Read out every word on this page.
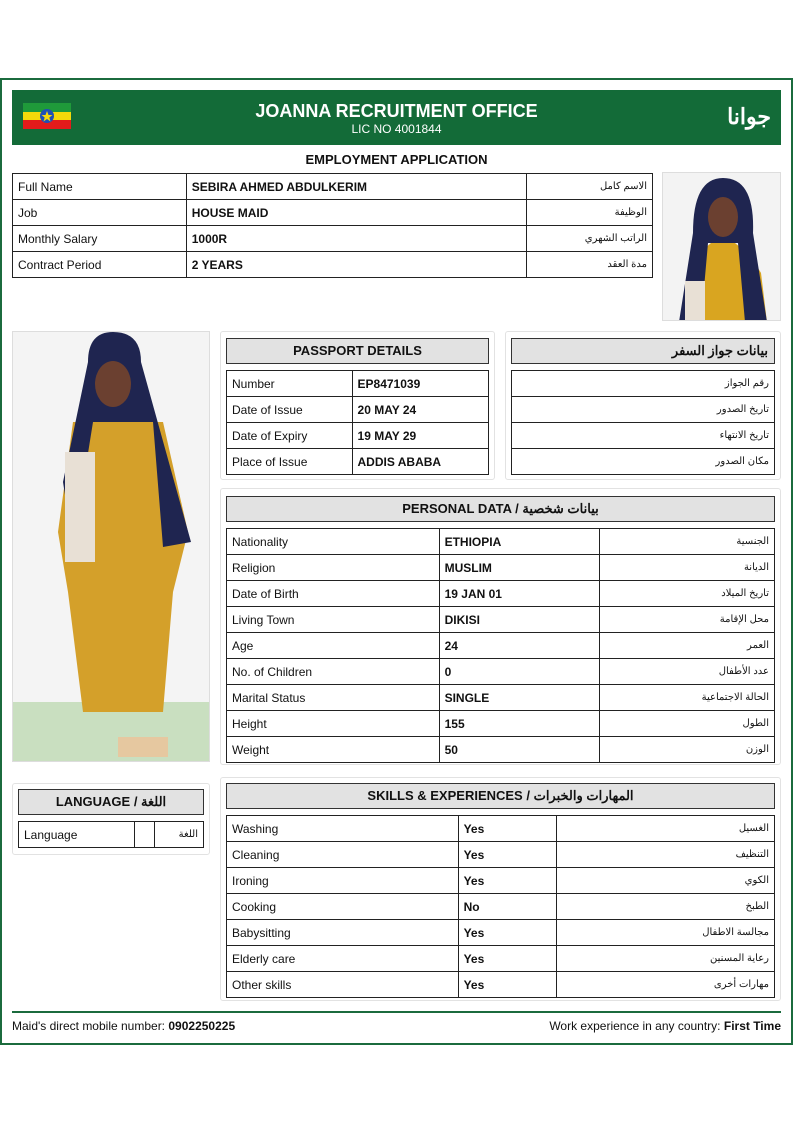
JOANNA RECRUITMENT OFFICE
LIC NO 4001844	جوانا
EMPLOYMENT APPLICATION
Full Name	SEBIRA AHMED ABDULKERIM	الاسم كامل
Job	HOUSE MAID	الوظيفة
Monthly Salary	1000R	الراتب الشهري
Contract Period	2 YEARS	مدة العقد
PASSPORT DETAILS
Number	EP8471039
Date of Issue	20 MAY 24
Date of Expiry	19 MAY 29
Place of Issue	ADDIS ABABA
بيانات جواز السفر
رقم الجواز
تاريخ الصدور
تاريخ الانتهاء
مكان الصدور
PERSONAL DATA / بيانات شخصية
Nationality	ETHIOPIA	الجنسية
Religion	MUSLIM	الديانة
Date of Birth	19 JAN 01	تاريخ الميلاد
Living Town	DIKISI	محل الإقامة
Age	24	العمر
No. of Children	0	عدد الأطفال
Marital Status	SINGLE	الحالة الاجتماعية
Height	155	الطول
Weight	50	الوزن
LANGUAGE / اللغة
Language		اللغة
SKILLS & EXPERIENCES / المهارات والخبرات
Washing	Yes	الغسيل
Cleaning	Yes	التنظيف
Ironing	Yes	الكوي
Cooking	No	الطبخ
Babysitting	Yes	مجالسة الاطفال
Elderly care	Yes	رعاية المسنين
Other skills	Yes	مهارات أخرى
Maid's direct mobile number: 0902250225	Work experience in any country: First Time
